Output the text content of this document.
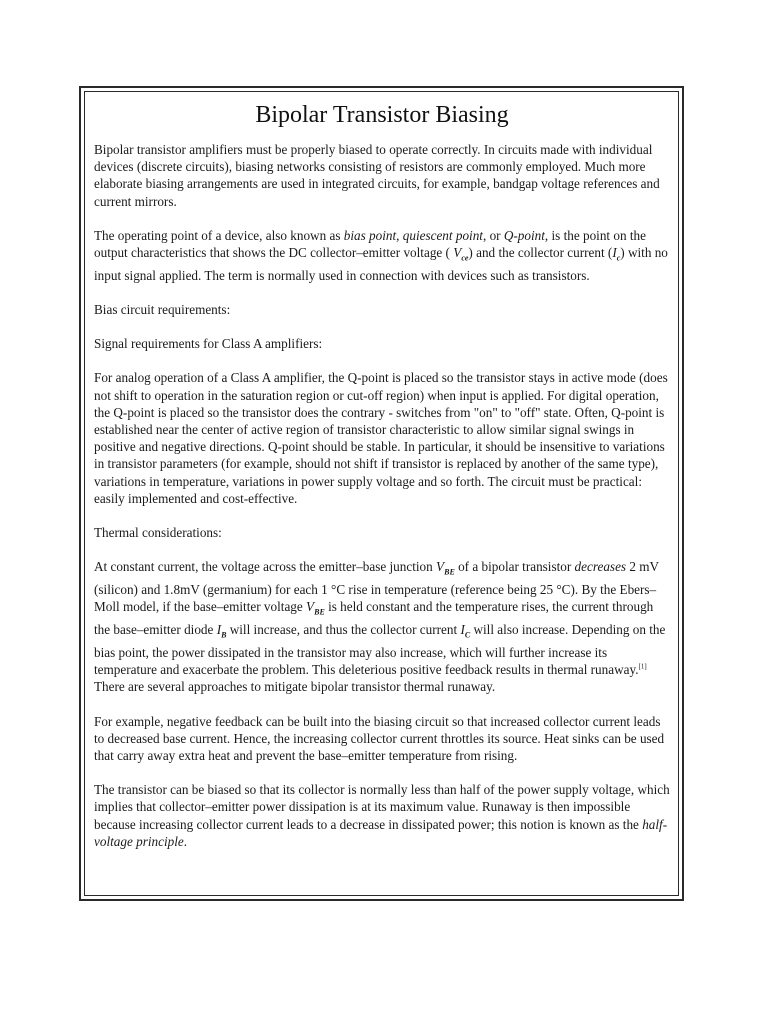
Bipolar Transistor Biasing

Bipolar transistor amplifiers must be properly biased to operate correctly. In circuits made with individual devices (discrete circuits), biasing networks consisting of resistors are commonly employed. Much more elaborate biasing arrangements are used in integrated circuits, for example, bandgap voltage references and current mirrors.

The operating point of a device, also known as bias point, quiescent point, or Q-point, is the point on the output characteristics that shows the DC collector–emitter voltage ( $V_{ce}$) and the collector current $(I_c)$ with no input signal applied. The term is normally used in connection with devices such as transistors.

Bias circuit requirements:

Signal requirements for Class A amplifiers:

For analog operation of a Class A amplifier, the Q-point is placed so the transistor stays in active mode (does not shift to operation in the saturation region or cut-off region) when input is applied. For digital operation, the Q-point is placed so the transistor does the contrary - switches from "on" to "off" state. Often, Q-point is established near the center of active region of transistor characteristic to allow similar signal swings in positive and negative directions. Q-point should be stable. In particular, it should be insensitive to variations in transistor parameters (for example, should not shift if transistor is replaced by another of the same type), variations in temperature, variations in power supply voltage and so forth. The circuit must be practical: easily implemented and cost-effective.

Thermal considerations:

At constant current, the voltage across the emitter–base junction $V_{BE}$ of a bipolar transistor decreases 2 mV (silicon) and 1.8mV (germanium) for each 1 °C rise in temperature (reference being 25 °C). By the Ebers–Moll model, if the base–emitter voltage $V_{BE}$ is held constant and the temperature rises, the current through the base–emitter diode $I_B$ will increase, and thus the collector current $I_C$ will also increase. Depending on the bias point, the power dissipated in the transistor may also increase, which will further increase its temperature and exacerbate the problem. This deleterious positive feedback results in thermal runaway.[1] There are several approaches to mitigate bipolar transistor thermal runaway.

For example, negative feedback can be built into the biasing circuit so that increased collector current leads to decreased base current. Hence, the increasing collector current throttles its source. Heat sinks can be used that carry away extra heat and prevent the base–emitter temperature from rising.

The transistor can be biased so that its collector is normally less than half of the power supply voltage, which implies that collector–emitter power dissipation is at its maximum value. Runaway is then impossible because increasing collector current leads to a decrease in dissipated power; this notion is known as the half-voltage principle.
